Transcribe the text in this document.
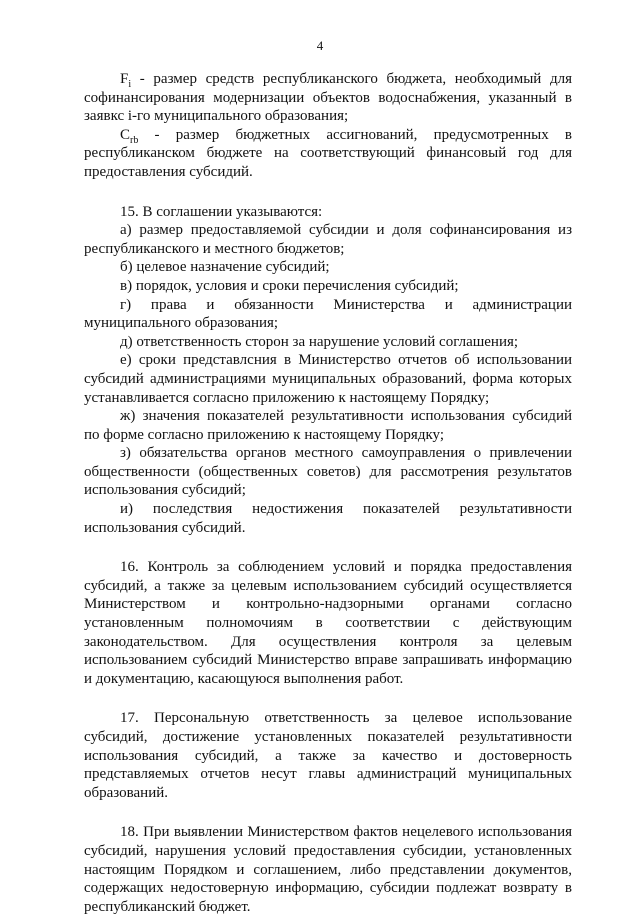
4

$F_i$ - размер средств республиканского бюджета, необходимый для софинансирования модернизации объектов водоснабжения, указанный в заявкс i-го муниципального образования;

$C_{rb}$ - размер бюджетных ассигнований, предусмотренных в республиканском бюджете на соответствующий финансовый год для предоставления субсидий.

15. В соглашении указываются:

а) размер предоставляемой субсидии и доля софинансирования из республиканского и местного бюджетов;

б) целевое назначение субсидий;

в) порядок, условия и сроки перечисления субсидий;

г) права и обязанности Министерства и администрации муниципального образования;

д) ответственность сторон за нарушение условий соглашения;

е) сроки представлсния в Министерство отчетов об использовании субсидий администрациями муниципальных образований, форма которых устанавливается согласно приложению к настоящему Порядку;

ж) значения показателей результативности использования субсидий по форме согласно приложению к настоящему Порядку;

з) обязательства органов местного самоуправления о привлечении общественности (общественных советов) для рассмотрения результатов использования субсидий;

и) последствия недостижения показателей результативности использования субсидий.

16. Контроль за соблюдением условий и порядка предоставления субсидий, а также за целевым использованием субсидий осуществляется Министерством и контрольно-надзорными органами согласно установленным полномочиям в соответствии с действующим законодательством. Для осуществления контроля за целевым использованием субсидий Министерство вправе запрашивать информацию и документацию, касающуюся выполнения работ.

17. Персональную ответственность за целевое использование субсидий, достижение установленных показателей результативности использования субсидий, а также за качество и достоверность представляемых отчетов несут главы администраций муниципальных образований.

18. При выявлении Министерством фактов нецелевого использования субсидий, нарушения условий предоставления субсидии, установленных настоящим Порядком и соглашением, либо представлении документов, содержащих недостоверную информацию, субсидии подлежат возврату в республиканский бюджет.
